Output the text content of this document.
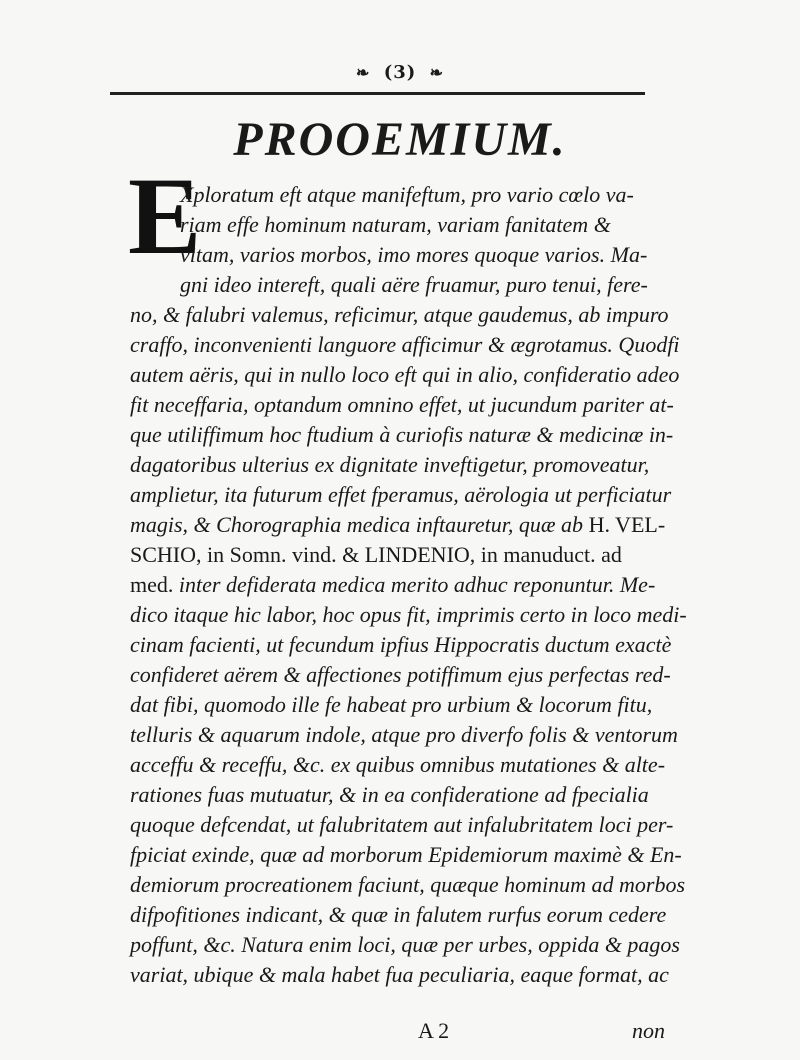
❧ (3) ❧
PROOEMIUM.
E
Xploratum eft atque manifeftum, pro vario cœlo va-
riam effe hominum naturam, variam fanitatem &
vitam, varios morbos, imo mores quoque varios. Ma-
gni ideo intereft, quali aëre fruamur, puro tenui, fere-
no, & falubri valemus, reficimur, atque gaudemus, ab impuro
craffo, inconvenienti languore afficimur & ægrotamus. Quodfi
autem aëris, qui in nullo loco eft qui in alio, confideratio adeo
fit neceffaria, optandum omnino effet, ut jucundum pariter at-
que utiliffimum hoc ftudium à curiofis naturæ & medicinæ in-
dagatoribus ulterius ex dignitate inveftigetur, promoveatur,
amplietur, ita futurum effet fperamus, aërologia ut perficiatur
magis, & Chorographia medica inftauretur, quæ ab H. VEL-
SCHIO, in Somn. vind. & LINDENIO, in manuduct. ad
med. inter defiderata medica merito adhuc reponuntur. Me-
dico itaque hic labor, hoc opus fit, imprimis certo in loco medi-
cinam facienti, ut fecundum ipfius Hippocratis ductum exactè
confideret aërem & affectiones potiffimum ejus perfectas red-
dat fibi, quomodo ille fe habeat pro urbium & locorum fitu,
telluris & aquarum indole, atque pro diverfo folis & ventorum
acceffu & receffu, &c. ex quibus omnibus mutationes & alte-
rationes fuas mutuatur, & in ea confideratione ad fpecialia
quoque defcendat, ut falubritatem aut infalubritatem loci per-
fpiciat exinde, quæ ad morborum Epidemiorum maximè & En-
demiorum procreationem faciunt, quæque hominum ad morbos
difpofitiones indicant, & quæ in falutem rurfus eorum cedere
poffunt, &c. Natura enim loci, quæ per urbes, oppida & pagos
variat, ubique & mala habet fua peculiaria, eaque format, ac
A 2	non
